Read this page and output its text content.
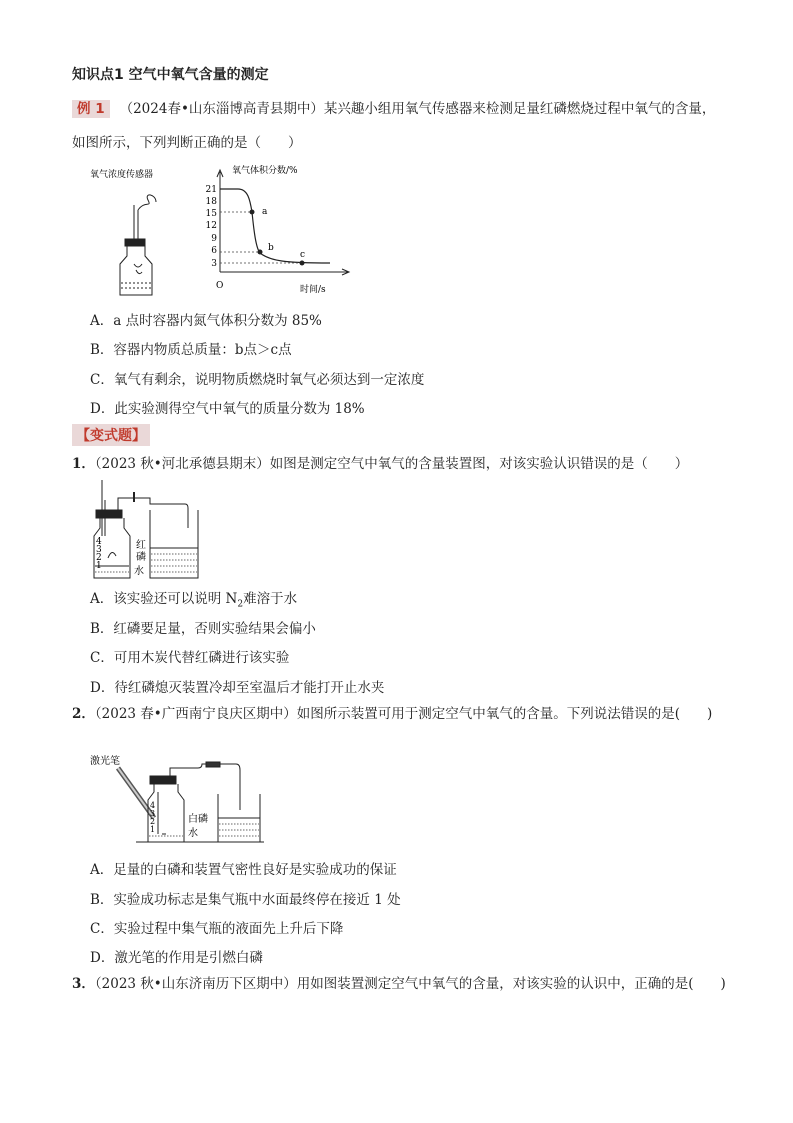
知识点1 空气中氧气含量的测定
例 1 （2024春•山东淄博高青县期中）某兴趣小组用氧气传感器来检测足量红磷燃烧过程中氧气的含量，
如图所示，下列判断正确的是（　　）
氧气浓度传感器	氧气体积分数/%
时间/s
O
21
18
15
12
9
6
3
a
b
c
A．a 点时容器内氮气体积分数为 85%
B．容器内物质总质量：b点＞c点
C．氧气有剩余，说明物质燃烧时氧气必须达到一定浓度
D．此实验测得空气中氧气的质量分数为 18%
【变式题】
1．（2023 秋•河北承德县期末）如图是测定空气中氧气的含量装置图，对该实验认识错误的是（　　）
4
3
2
1
红
磷
水
A．该实验还可以说明 $N_2$难溶于水
B．红磷要足量，否则实验结果会偏小
C．可用木炭代替红磷进行该实验
D．待红磷熄灭装置冷却至室温后才能打开止水夹
2．（2023 春•广西南宁良庆区期中）如图所示装置可用于测定空气中氧气的含量。下列说法错误的是(　　)
激光笔
4
3
2
1
白磷
水
A．足量的白磷和装置气密性良好是实验成功的保证
B．实验成功标志是集气瓶中水面最终停在接近 1 处
C．实验过程中集气瓶的液面先上升后下降
D．激光笔的作用是引燃白磷
3．（2023 秋•山东济南历下区期中）用如图装置测定空气中氧气的含量，对该实验的认识中，正确的是(　　)
